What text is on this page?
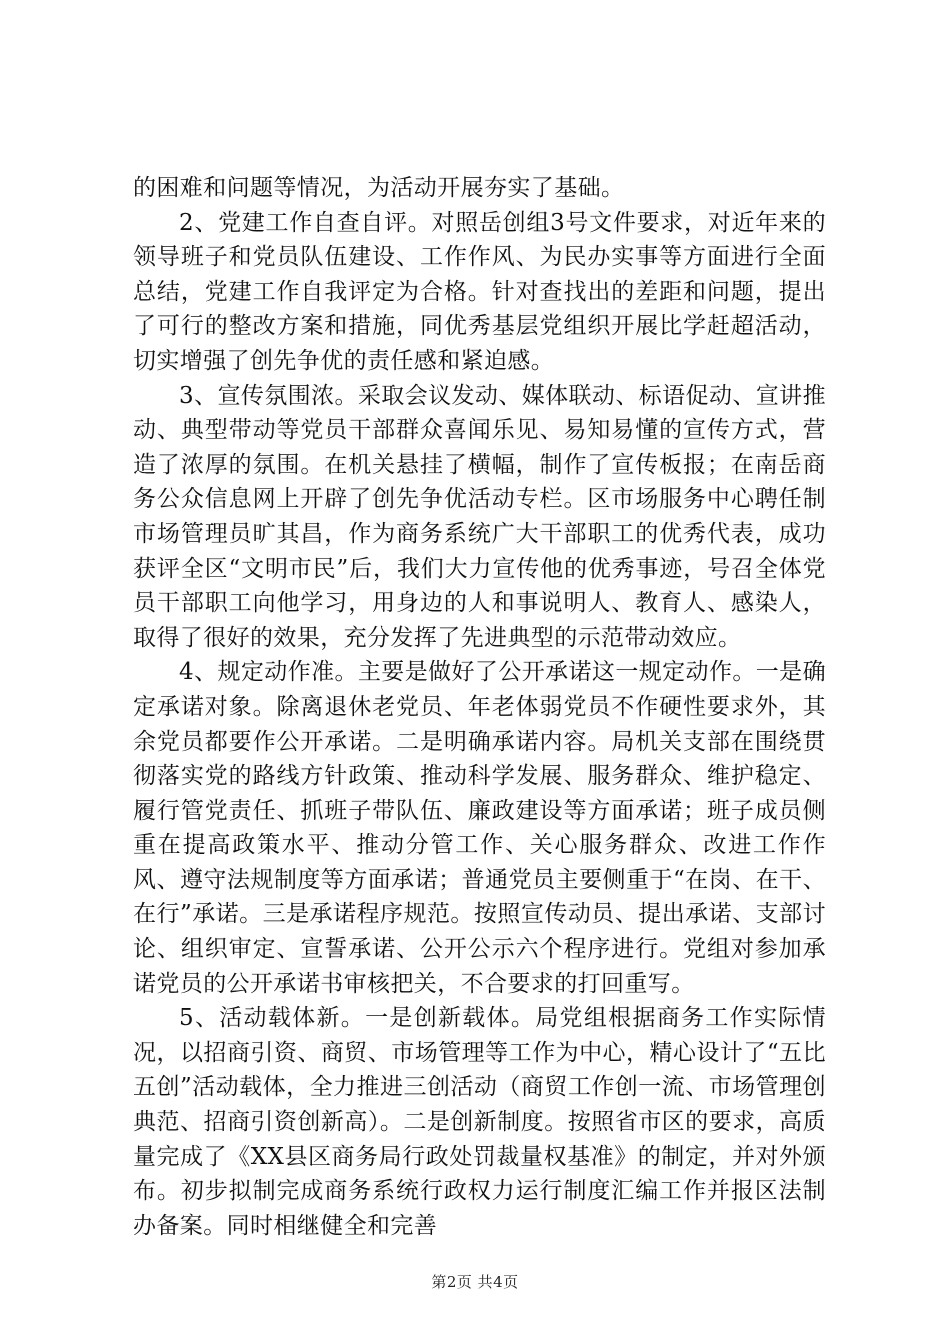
的困难和问题等情况，为活动开展夯实了基础。

2、党建工作自查自评。对照岳创组3号文件要求，对近年来的领导班子和党员队伍建设、工作作风、为民办实事等方面进行全面总结，党建工作自我评定为合格。针对查找出的差距和问题，提出了可行的整改方案和措施，同优秀基层党组织开展比学赶超活动，切实增强了创先争优的责任感和紧迫感。

3、宣传氛围浓。采取会议发动、媒体联动、标语促动、宣讲推动、典型带动等党员干部群众喜闻乐见、易知易懂的宣传方式，营造了浓厚的氛围。在机关悬挂了横幅，制作了宣传板报；在南岳商务公众信息网上开辟了创先争优活动专栏。区市场服务中心聘任制市场管理员旷其昌，作为商务系统广大干部职工的优秀代表，成功获评全区“文明市民”后，我们大力宣传他的优秀事迹，号召全体党员干部职工向他学习，用身边的人和事说明人、教育人、感染人，取得了很好的效果，充分发挥了先进典型的示范带动效应。

4、规定动作准。主要是做好了公开承诺这一规定动作。一是确定承诺对象。除离退休老党员、年老体弱党员不作硬性要求外，其余党员都要作公开承诺。二是明确承诺内容。局机关支部在围绕贯彻落实党的路线方针政策、推动科学发展、服务群众、维护稳定、履行管党责任、抓班子带队伍、廉政建设等方面承诺；班子成员侧重在提高政策水平、推动分管工作、关心服务群众、改进工作作风、遵守法规制度等方面承诺；普通党员主要侧重于“在岗、在干、在行”承诺。三是承诺程序规范。按照宣传动员、提出承诺、支部讨论、组织审定、宣誓承诺、公开公示六个程序进行。党组对参加承诺党员的公开承诺书审核把关，不合要求的打回重写。

5、活动载体新。一是创新载体。局党组根据商务工作实际情况，以招商引资、商贸、市场管理等工作为中心，精心设计了“五比五创”活动载体，全力推进三创活动（商贸工作创一流、市场管理创典范、招商引资创新高）。二是创新制度。按照省市区的要求，高质量完成了《XX县区商务局行政处罚裁量权基准》的制定，并对外颁布。初步拟制完成商务系统行政权力运行制度汇编工作并报区法制办备案。同时相继健全和完善

第2页 共4页
